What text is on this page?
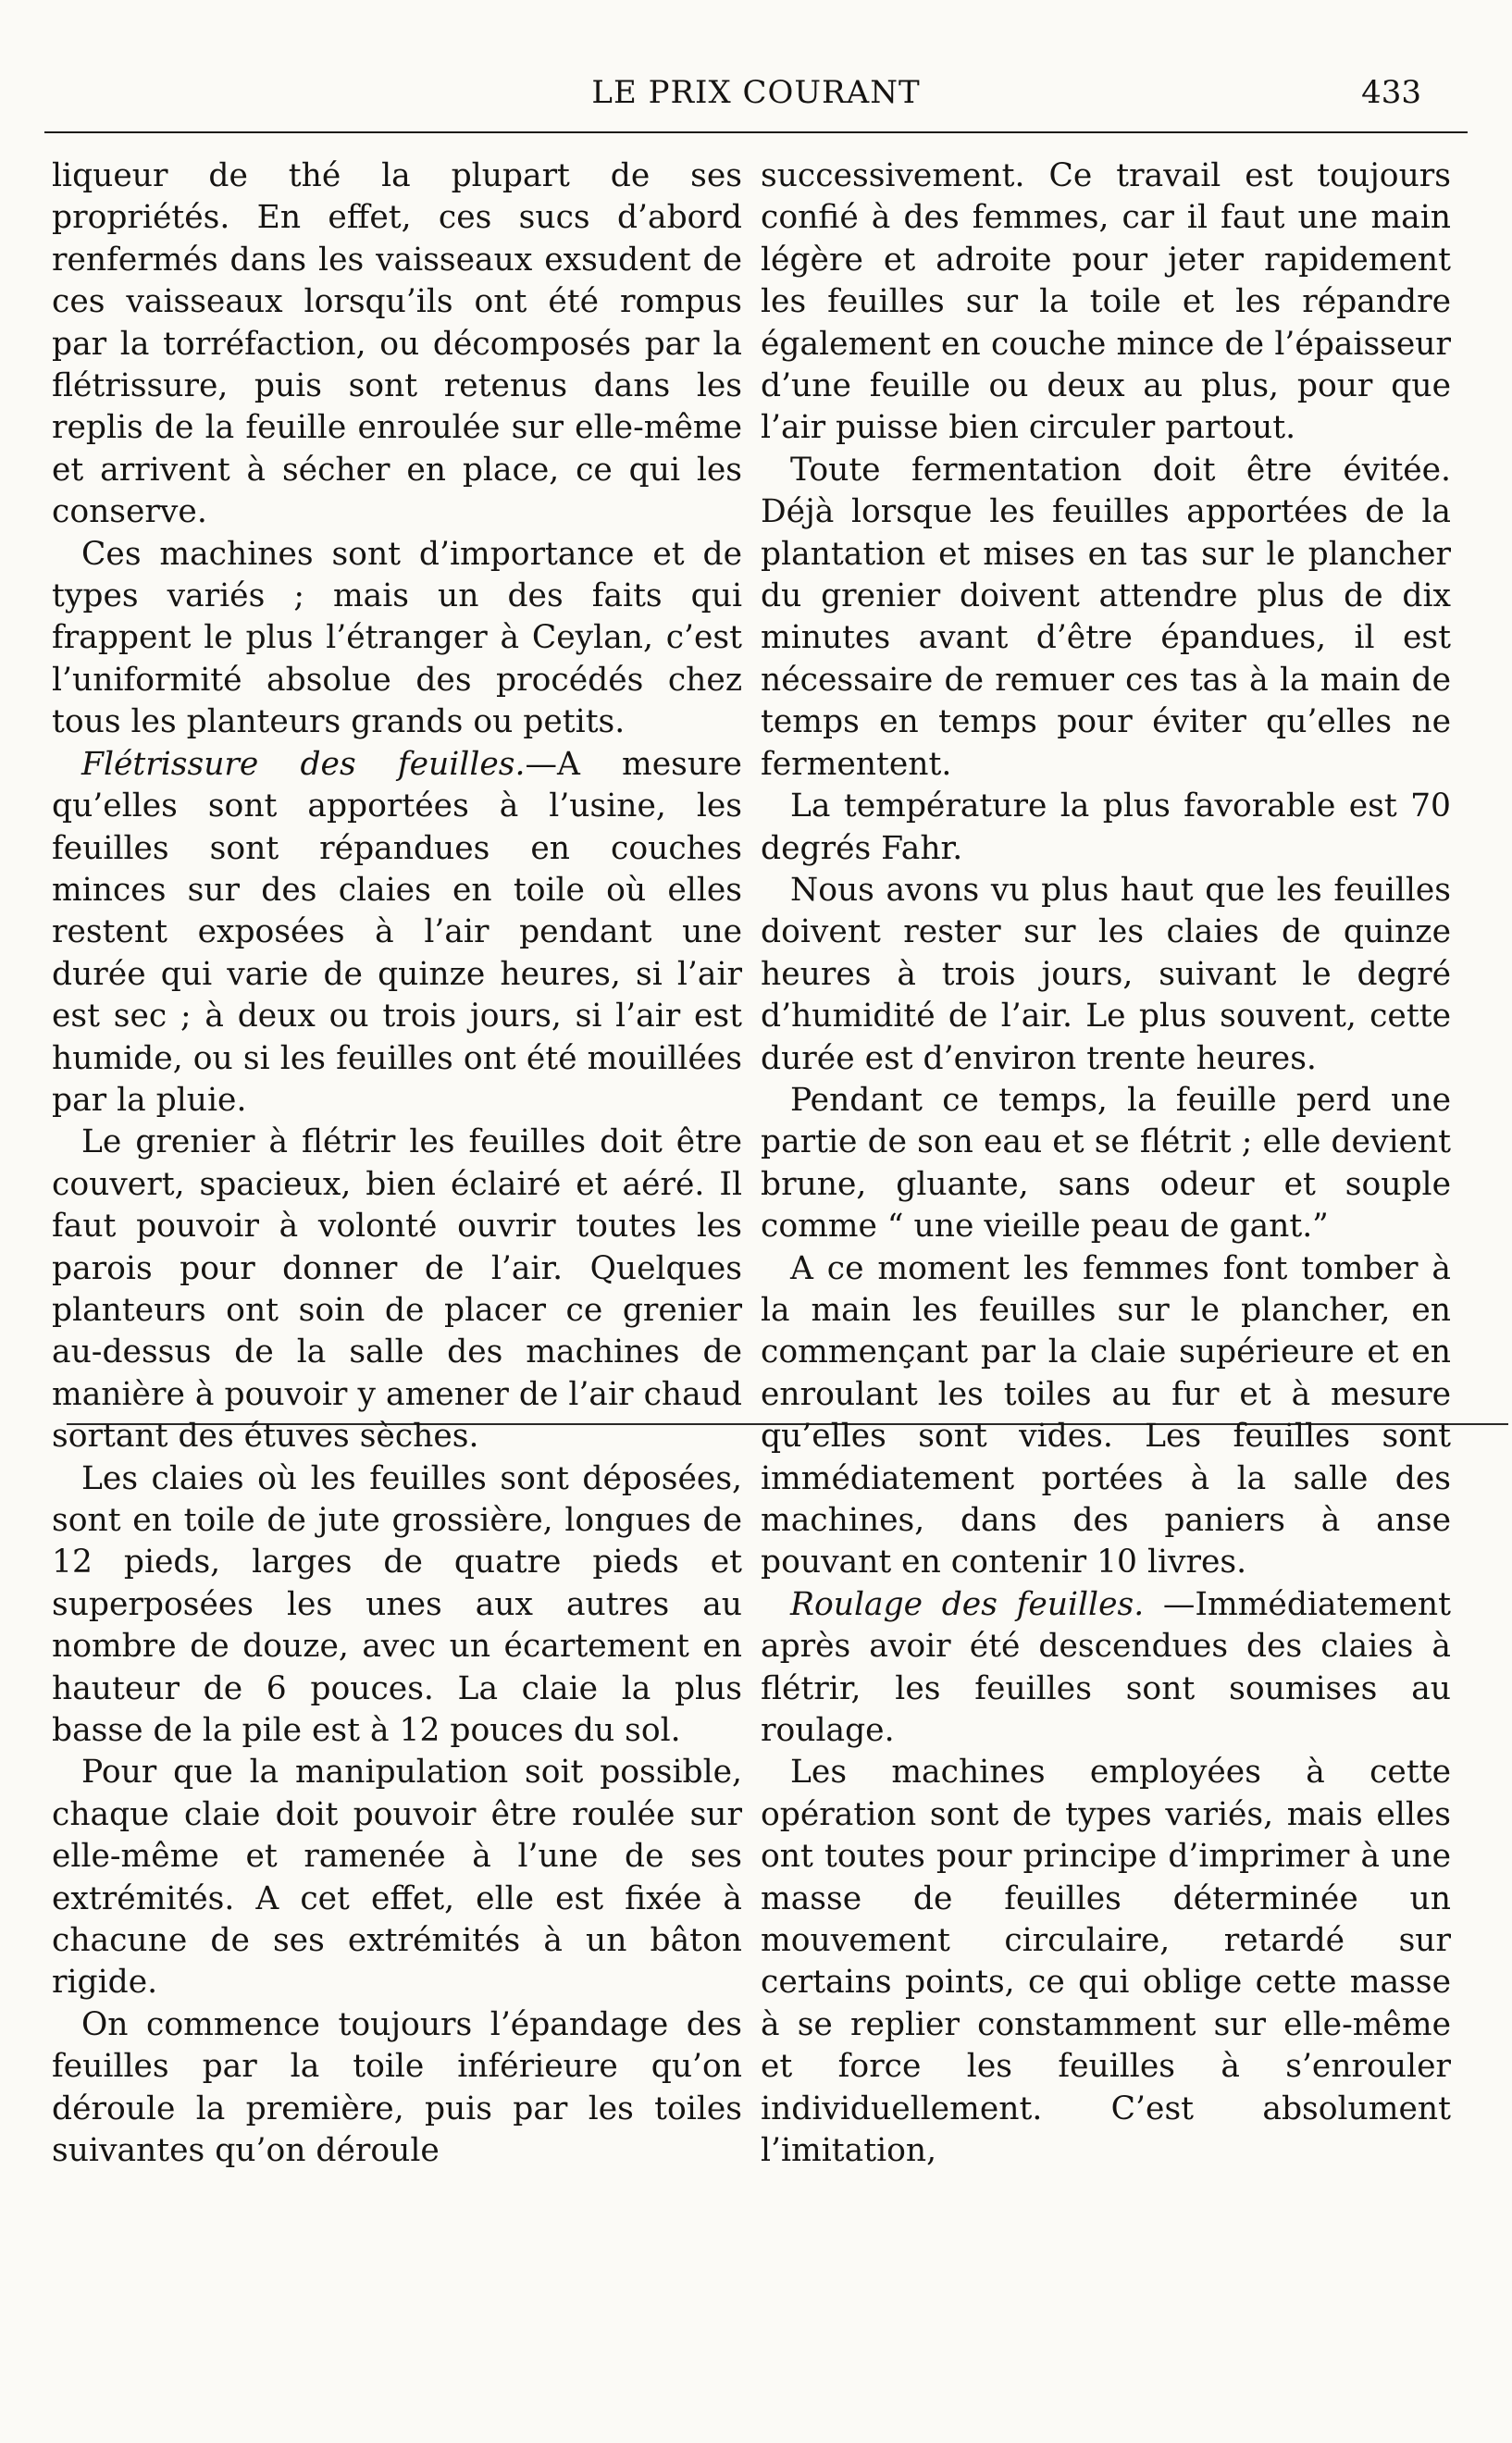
LE PRIX COURANT	433

liqueur de thé la plupart de ses propriétés. En effet, ces sucs d’abord renfermés dans les vaisseaux exsudent de ces vaisseaux lorsqu’ils ont été rompus par la torréfaction, ou décomposés par la flétrissure, puis sont retenus dans les replis de la feuille enroulée sur elle-même et arrivent à sécher en place, ce qui les conserve.

Ces machines sont d’importance et de types variés ; mais un des faits qui frappent le plus l’étranger à Ceylan, c’est l’uniformité absolue des procédés chez tous les planteurs grands ou petits.

Flétrissure des feuilles.—A mesure qu’elles sont apportées à l’usine, les feuilles sont répandues en couches minces sur des claies en toile où elles restent exposées à l’air pendant une durée qui varie de quinze heures, si l’air est sec ; à deux ou trois jours, si l’air est humide, ou si les feuilles ont été mouillées par la pluie.

Le grenier à flétrir les feuilles doit être couvert, spacieux, bien éclairé et aéré. Il faut pouvoir à volonté ouvrir toutes les parois pour donner de l’air. Quelques planteurs ont soin de placer ce grenier au-dessus de la salle des machines de manière à pouvoir y amener de l’air chaud sortant des étuves sèches.

Les claies où les feuilles sont déposées, sont en toile de jute grossière, longues de 12 pieds, larges de quatre pieds et superposées les unes aux autres au nombre de douze, avec un écartement en hauteur de 6 pouces. La claie la plus basse de la pile est à 12 pouces du sol.

Pour que la manipulation soit possible, chaque claie doit pouvoir être roulée sur elle-même et ramenée à l’une de ses extrémités. A cet effet, elle est fixée à chacune de ses extrémités à un bâton rigide.

On commence toujours l’épandage des feuilles par la toile inférieure qu’on déroule la première, puis par les toiles suivantes qu’on déroule

successivement. Ce travail est toujours confié à des femmes, car il faut une main légère et adroite pour jeter rapidement les feuilles sur la toile et les répandre également en couche mince de l’épaisseur d’une feuille ou deux au plus, pour que l’air puisse bien circuler partout.

Toute fermentation doit être évitée. Déjà lorsque les feuilles apportées de la plantation et mises en tas sur le plancher du grenier doivent attendre plus de dix minutes avant d’être épandues, il est nécessaire de remuer ces tas à la main de temps en temps pour éviter qu’elles ne fermentent.

La température la plus favorable est 70 degrés Fahr.

Nous avons vu plus haut que les feuilles doivent rester sur les claies de quinze heures à trois jours, suivant le degré d’humidité de l’air. Le plus souvent, cette durée est d’environ trente heures.

Pendant ce temps, la feuille perd une partie de son eau et se flétrit ; elle devient brune, gluante, sans odeur et souple comme “ une vieille peau de gant.”

A ce moment les femmes font tomber à la main les feuilles sur le plancher, en commençant par la claie supérieure et en enroulant les toiles au fur et à mesure qu’elles sont vides. Les feuilles sont immédiatement portées à la salle des machines, dans des paniers à anse pouvant en contenir 10 livres.

Roulage des feuilles. —Immédiatement après avoir été descendues des claies à flétrir, les feuilles sont soumises au roulage.

Les machines employées à cette opération sont de types variés, mais elles ont toutes pour principe d’imprimer à une masse de feuilles déterminée un mouvement circulaire, retardé sur certains points, ce qui oblige cette masse à se replier constamment sur elle-même et force les feuilles à s’enrouler individuellement. C’est absolument l’imitation,
